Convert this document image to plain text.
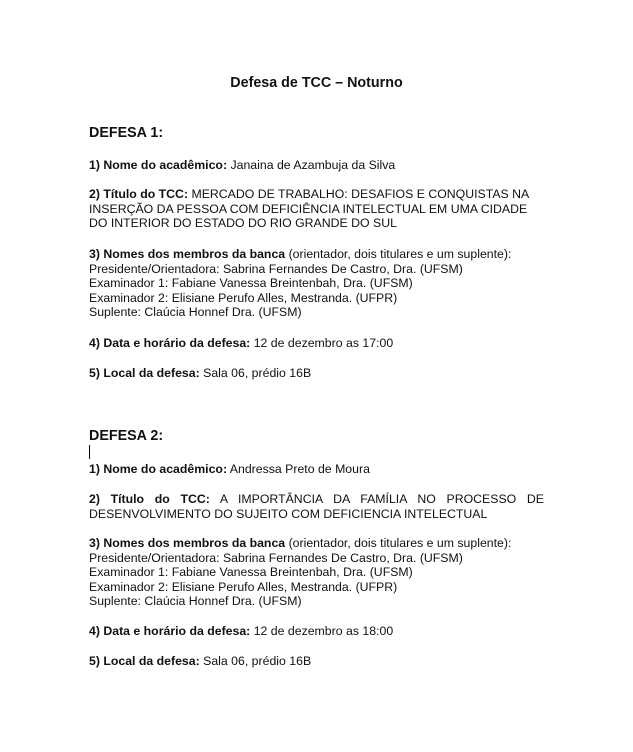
Defesa de TCC – Noturno

DEFESA 1:

1) Nome do acadêmico: Janaina de Azambuja da Silva

2) Título do TCC: MERCADO DE TRABALHO: DESAFIOS E CONQUISTAS NA INSERÇÃO DA PESSOA COM DEFICIÊNCIA INTELECTUAL EM UMA CIDADE DO INTERIOR DO ESTADO DO RIO GRANDE DO SUL

3) Nomes dos membros da banca (orientador, dois titulares e um suplente):

Presidente/Orientadora: Sabrina Fernandes De Castro, Dra. (UFSM)

Examinador 1: Fabiane Vanessa Breintenbah, Dra. (UFSM)

Examinador 2: Elisiane Perufo Alles, Mestranda. (UFPR)

Suplente: Claúcia Honnef Dra. (UFSM)

4) Data e horário da defesa: 12 de dezembro as 17:00

5) Local da defesa: Sala 06, prédio 16B

DEFESA 2:

1) Nome do acadêmico: Andressa Preto de Moura

2) Título do TCC: A IMPORTÂNCIA DA FAMÍLIA NO PROCESSO DE DESENVOLVIMENTO DO SUJEITO COM DEFICIENCIA INTELECTUAL

3) Nomes dos membros da banca (orientador, dois titulares e um suplente):

Presidente/Orientadora: Sabrina Fernandes De Castro, Dra. (UFSM)

Examinador 1: Fabiane Vanessa Breintenbah, Dra. (UFSM)

Examinador 2: Elisiane Perufo Alles, Mestranda. (UFPR)

Suplente: Claúcia Honnef Dra. (UFSM)

4) Data e horário da defesa: 12 de dezembro as 18:00

5) Local da defesa: Sala 06, prédio 16B
